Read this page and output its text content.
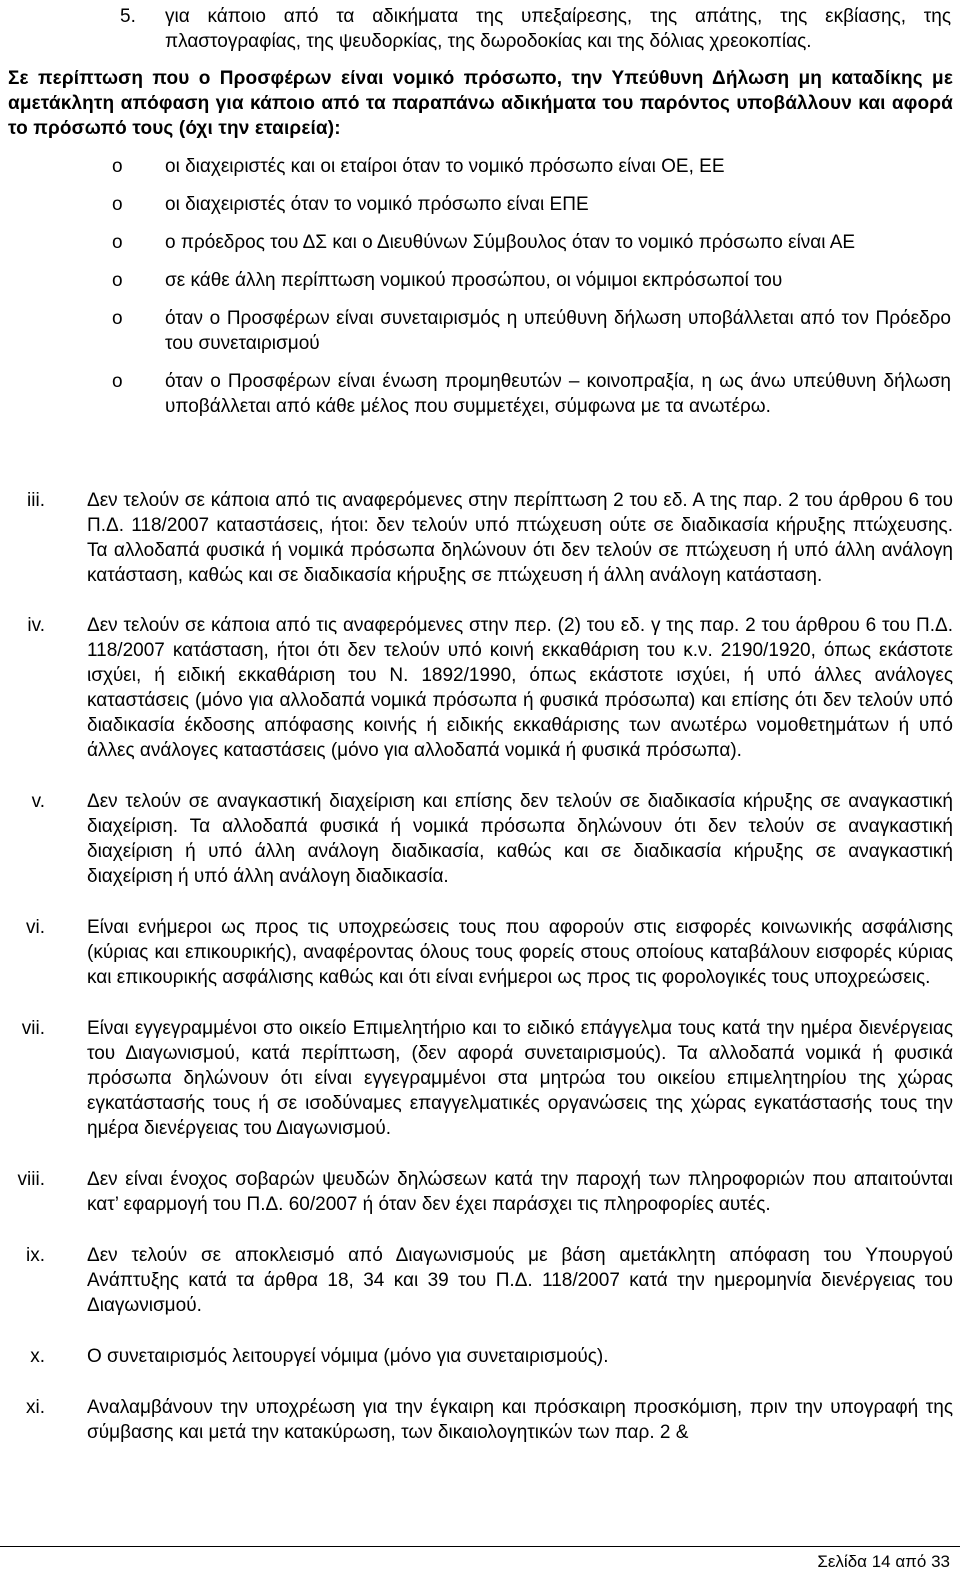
5.	για κάποιο από τα αδικήματα της υπεξαίρεσης, της απάτης, της εκβίασης, της πλαστογραφίας, της ψευδορκίας, της δωροδοκίας και της δόλιας χρεοκοπίας.
Σε περίπτωση που ο Προσφέρων είναι νομικό πρόσωπο, την Υπεύθυνη Δήλωση μη καταδίκης με αμετάκλητη απόφαση για κάποιο από τα παραπάνω αδικήματα του παρόντος υποβάλλουν και αφορά το πρόσωπό τους (όχι την εταιρεία):
o	οι διαχειριστές και οι εταίροι όταν το νομικό πρόσωπο είναι ΟΕ, ΕΕ
o	οι διαχειριστές όταν το νομικό πρόσωπο είναι ΕΠΕ
o	ο πρόεδρος του ΔΣ και ο Διευθύνων Σύμβουλος όταν το νομικό πρόσωπο είναι ΑΕ
o	σε κάθε άλλη περίπτωση νομικού προσώπου, οι νόμιμοι εκπρόσωποί του
o	όταν ο Προσφέρων είναι συνεταιρισμός η υπεύθυνη δήλωση υποβάλλεται από τον Πρόεδρο του συνεταιρισμού
o	όταν ο Προσφέρων είναι ένωση προμηθευτών – κοινοπραξία, η ως άνω υπεύθυνη δήλωση υποβάλλεται από κάθε μέλος που συμμετέχει, σύμφωνα με τα ανωτέρω.
iii.	Δεν τελούν σε κάποια από τις αναφερόμενες στην περίπτωση 2 του εδ. Α της παρ. 2 του άρθρου 6 του Π.Δ. 118/2007 καταστάσεις, ήτοι: δεν τελούν υπό πτώχευση ούτε σε διαδικασία κήρυξης πτώχευσης. Τα αλλοδαπά φυσικά ή νομικά πρόσωπα δηλώνουν ότι δεν τελούν σε πτώχευση ή υπό άλλη ανάλογη κατάσταση, καθώς και σε διαδικασία κήρυξης σε πτώχευση ή άλλη ανάλογη κατάσταση.
iv.	Δεν τελούν σε κάποια από τις αναφερόμενες στην περ. (2) του εδ. γ της παρ. 2 του άρθρου 6 του Π.Δ. 118/2007 κατάσταση, ήτοι ότι δεν τελούν υπό κοινή εκκαθάριση του κ.ν. 2190/1920, όπως εκάστοτε ισχύει, ή ειδική εκκαθάριση του Ν. 1892/1990, όπως εκάστοτε ισχύει, ή υπό άλλες ανάλογες καταστάσεις (μόνο για αλλοδαπά νομικά πρόσωπα ή φυσικά πρόσωπα) και επίσης ότι δεν τελούν υπό διαδικασία έκδοσης απόφασης κοινής ή ειδικής εκκαθάρισης των ανωτέρω νομοθετημάτων ή υπό άλλες ανάλογες καταστάσεις (μόνο για αλλοδαπά νομικά ή φυσικά πρόσωπα).
v.	Δεν τελούν σε αναγκαστική διαχείριση και επίσης δεν τελούν σε διαδικασία κήρυξης σε αναγκαστική διαχείριση. Τα αλλοδαπά φυσικά ή νομικά πρόσωπα δηλώνουν ότι δεν τελούν σε αναγκαστική διαχείριση ή υπό άλλη ανάλογη διαδικασία, καθώς και σε διαδικασία κήρυξης σε αναγκαστική διαχείριση ή υπό άλλη ανάλογη διαδικασία.
vi.	Είναι ενήμεροι ως προς τις υποχρεώσεις τους που αφορούν στις εισφορές κοινωνικής ασφάλισης (κύριας και επικουρικής), αναφέροντας όλους τους φορείς στους οποίους καταβάλουν εισφορές κύριας και επικουρικής ασφάλισης καθώς και ότι είναι ενήμεροι ως προς τις φορολογικές τους υποχρεώσεις.
vii.	Είναι εγγεγραμμένοι στο οικείο Επιμελητήριο και το ειδικό επάγγελμα τους κατά την ημέρα διενέργειας του Διαγωνισμού, κατά περίπτωση, (δεν αφορά συνεταιρισμούς). Τα αλλοδαπά νομικά ή φυσικά πρόσωπα δηλώνουν ότι είναι εγγεγραμμένοι στα μητρώα του οικείου επιμελητηρίου της χώρας εγκατάστασής τους ή σε ισοδύναμες επαγγελματικές οργανώσεις της χώρας εγκατάστασής τους την ημέρα διενέργειας του Διαγωνισμού.
viii.	Δεν είναι ένοχος σοβαρών ψευδών δηλώσεων κατά την παροχή των πληροφοριών που απαιτούνται κατ’ εφαρμογή του Π.Δ. 60/2007 ή όταν δεν έχει παράσχει τις πληροφορίες αυτές.
ix.	Δεν τελούν σε αποκλεισμό από Διαγωνισμούς με βάση αμετάκλητη απόφαση του Υπουργού Ανάπτυξης κατά τα άρθρα 18, 34 και 39 του Π.Δ. 118/2007 κατά την ημερομηνία διενέργειας του Διαγωνισμού.
x.	Ο συνεταιρισμός λειτουργεί νόμιμα (μόνο για συνεταιρισμούς).
xi.	Αναλαμβάνουν την υποχρέωση για την έγκαιρη και πρόσκαιρη προσκόμιση, πριν την υπογραφή της σύμβασης και μετά την κατακύρωση, των δικαιολογητικών των παρ. 2 &
Σελίδα 14 από 33
